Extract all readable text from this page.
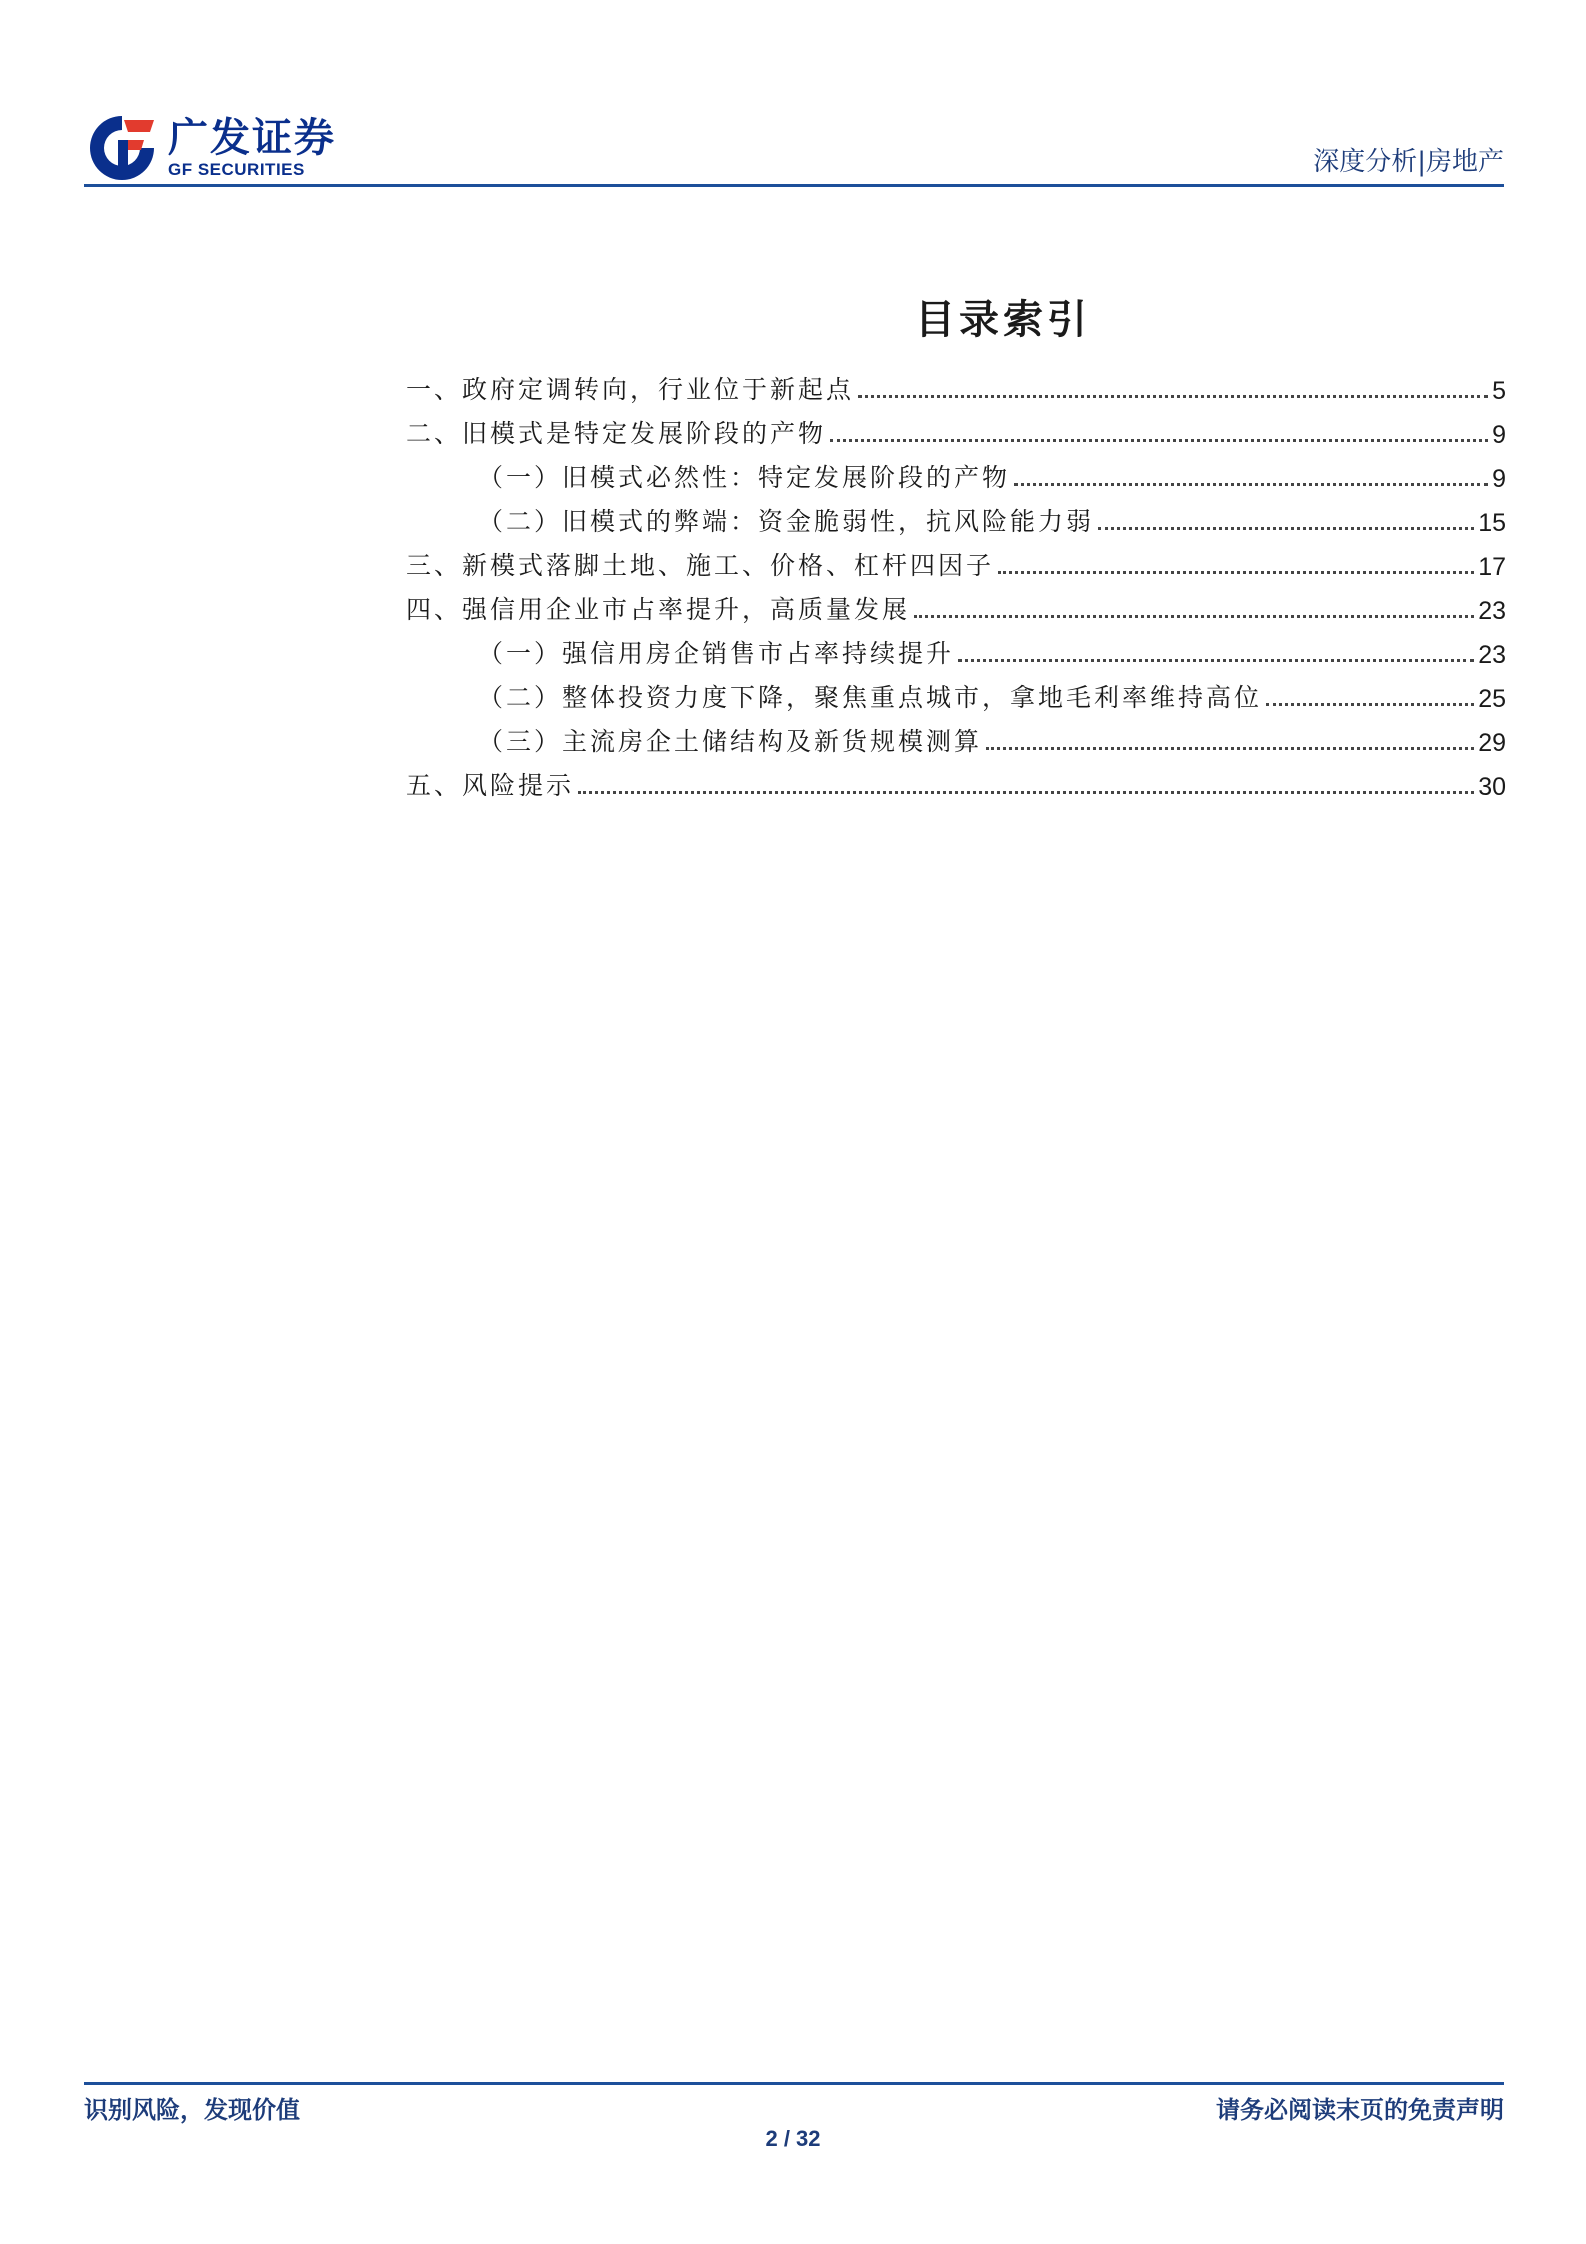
广发证券
GF SECURITIES	深度分析|房地产
目录索引
一、政府定调转向，行业位于新起点	5
二、旧模式是特定发展阶段的产物	9
（一）旧模式必然性：特定发展阶段的产物	9
（二）旧模式的弊端：资金脆弱性，抗风险能力弱	15
三、新模式落脚土地、施工、价格、杠杆四因子	17
四、强信用企业市占率提升，高质量发展	23
（一）强信用房企销售市占率持续提升	23
（二）整体投资力度下降，聚焦重点城市，拿地毛利率维持高位	25
（三）主流房企土储结构及新货规模测算	29
五、风险提示	30
识别风险，发现价值	请务必阅读末页的免责声明
2 / 32
